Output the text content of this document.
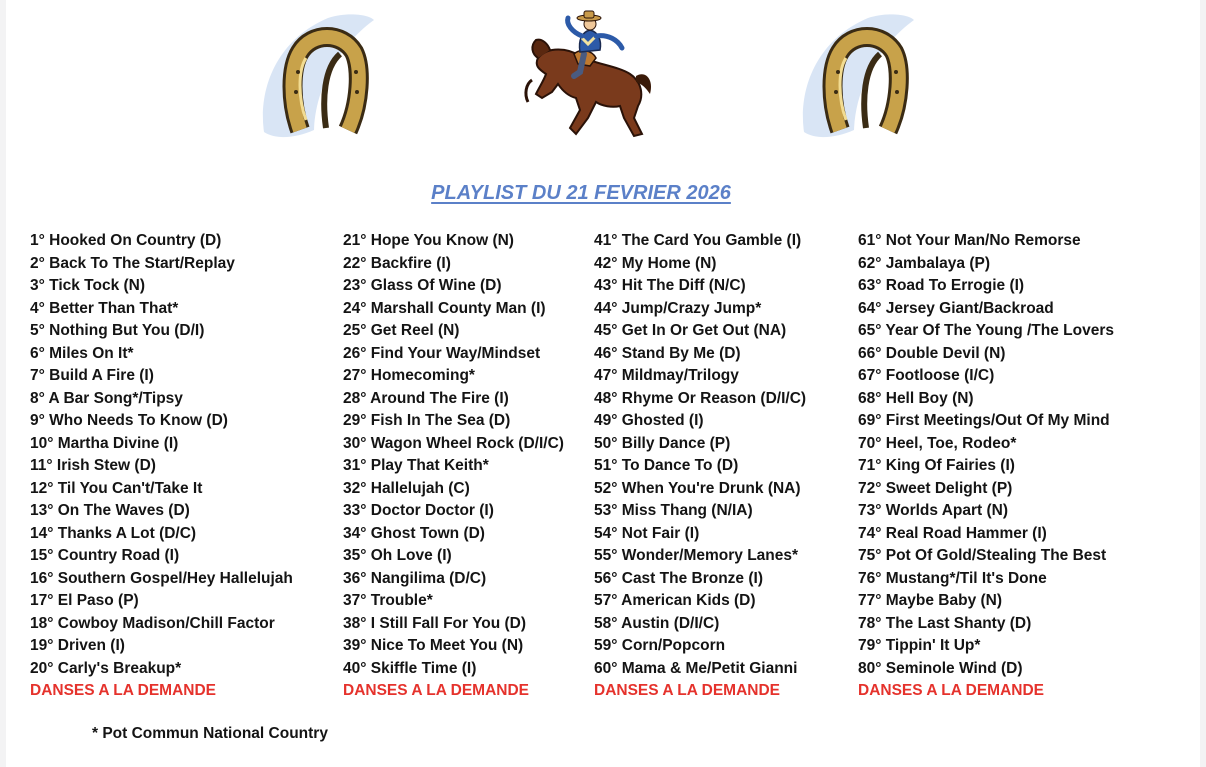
PLAYLIST DU 21 FEVRIER 2026
1° Hooked On Country (D)
2° Back To The Start/Replay
3° Tick Tock (N)
4° Better Than That*
5° Nothing But You (D/I)
6° Miles On It*
7° Build A Fire (I)
8° A Bar Song*/Tipsy
9° Who Needs To Know (D)
10° Martha Divine (I)
11° Irish Stew (D)
12° Til You Can't/Take It
13° On The Waves (D)
14° Thanks A Lot (D/C)
15° Country Road (I)
16° Southern Gospel/Hey Hallelujah
17° El Paso (P)
18° Cowboy Madison/Chill Factor
19° Driven (I)
20° Carly's Breakup*
DANSES A LA DEMANDE
21° Hope You Know (N)
22° Backfire (I)
23° Glass Of Wine (D)
24° Marshall County Man (I)
25° Get Reel (N)
26° Find Your Way/Mindset
27° Homecoming*
28° Around The Fire (I)
29° Fish In The Sea (D)
30° Wagon Wheel Rock (D/I/C)
31° Play That Keith*
32° Hallelujah (C)
33° Doctor Doctor (I)
34° Ghost Town (D)
35° Oh Love (I)
36° Nangilima (D/C)
37° Trouble*
38° I Still Fall For You (D)
39° Nice To Meet You (N)
40° Skiffle Time (I)
DANSES A LA DEMANDE
41° The Card You Gamble (I)
42° My Home (N)
43° Hit The Diff (N/C)
44° Jump/Crazy Jump*
45° Get In Or Get Out (NA)
46° Stand By Me (D)
47° Mildmay/Trilogy
48° Rhyme Or Reason (D/I/C)
49° Ghosted (I)
50° Billy Dance (P)
51° To Dance To (D)
52° When You're Drunk (NA)
53° Miss Thang (N/IA)
54° Not Fair (I)
55° Wonder/Memory Lanes*
56° Cast The Bronze (I)
57° American Kids (D)
58° Austin (D/I/C)
59° Corn/Popcorn
60° Mama & Me/Petit Gianni
DANSES A LA DEMANDE
61° Not Your Man/No Remorse
62° Jambalaya (P)
63° Road To Errogie (I)
64° Jersey Giant/Backroad
65° Year Of The Young /The Lovers
66° Double Devil (N)
67° Footloose (I/C)
68° Hell Boy (N)
69° First Meetings/Out Of My Mind
70° Heel, Toe, Rodeo*
71° King Of Fairies (I)
72° Sweet Delight (P)
73° Worlds Apart (N)
74° Real Road Hammer (I)
75° Pot Of Gold/Stealing The Best
76° Mustang*/Til It's Done
77° Maybe Baby (N)
78° The Last Shanty (D)
79° Tippin' It Up*
80° Seminole Wind (D)
DANSES A LA DEMANDE
* Pot Commun National Country
